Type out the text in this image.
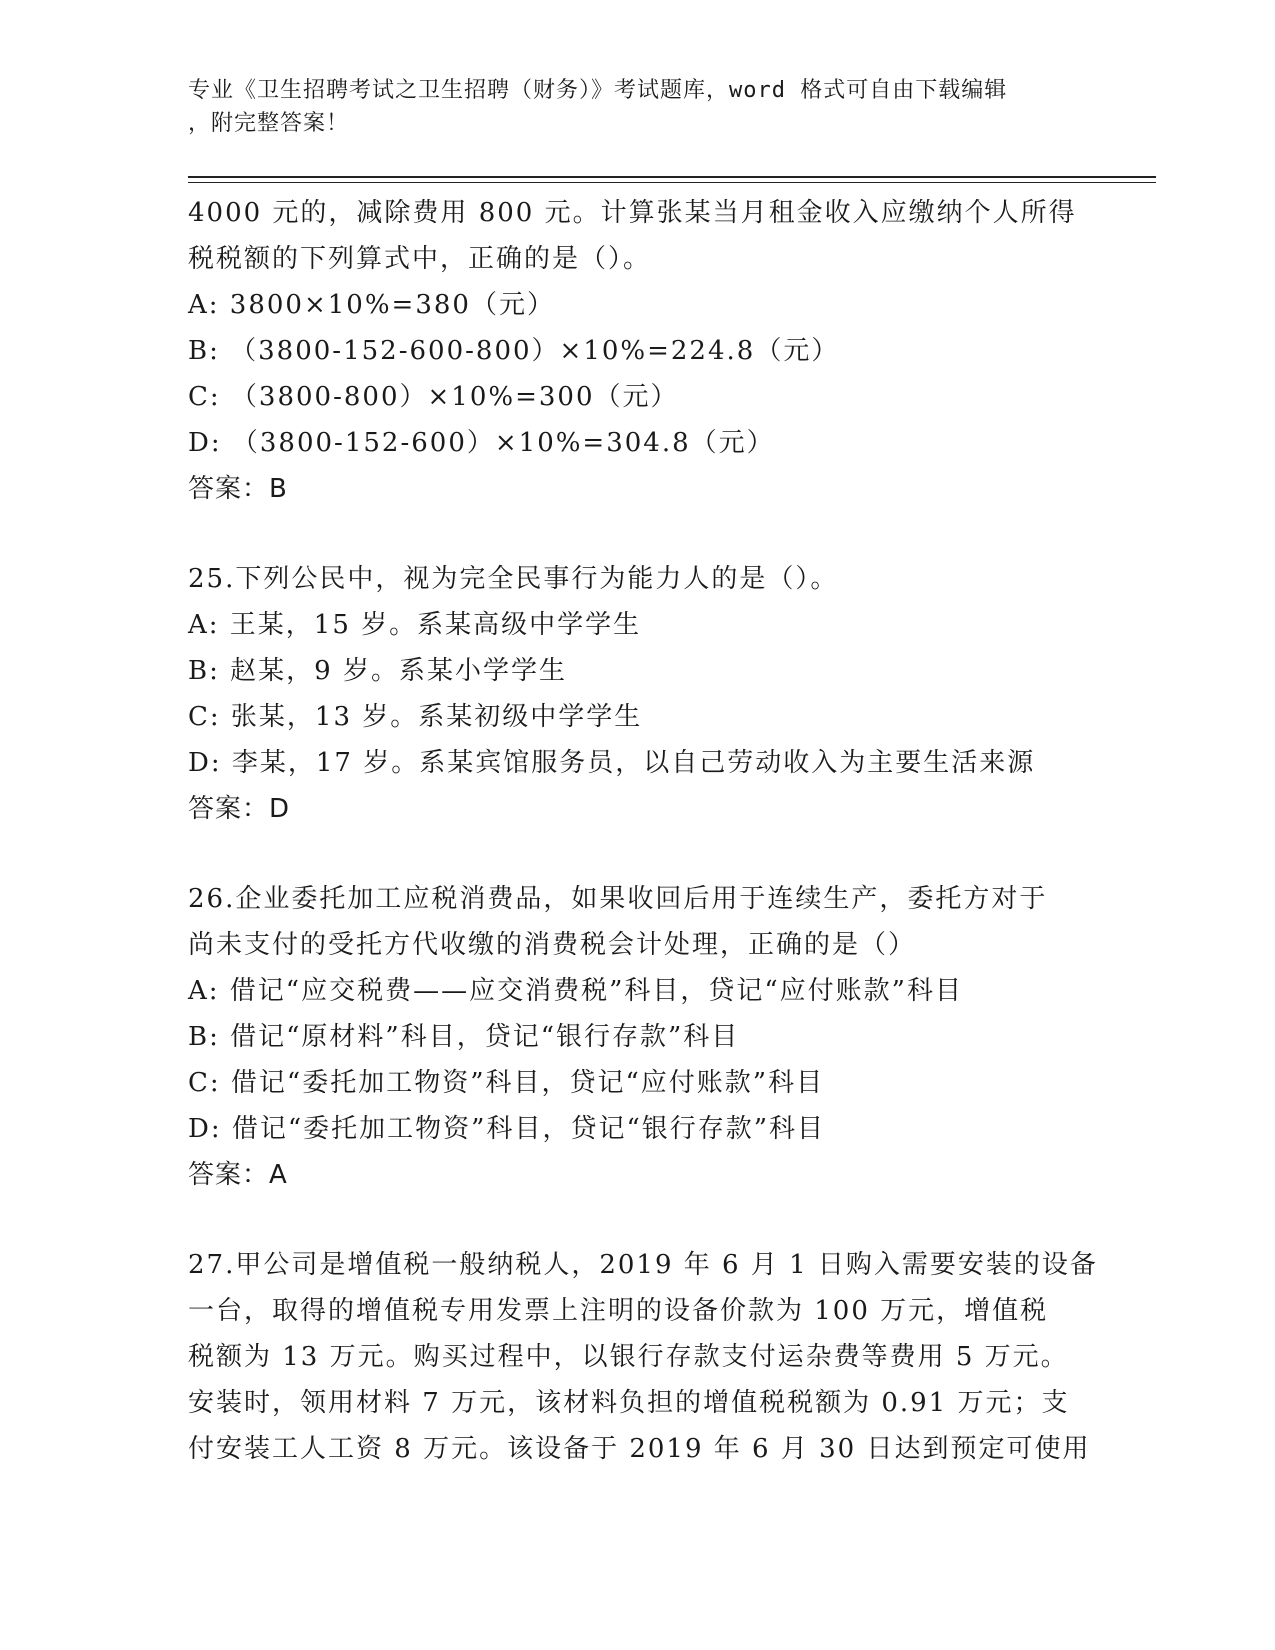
专业《卫生招聘考试之卫生招聘（财务）》考试题库，word 格式可自由下载编辑
，附完整答案！
4000 元的，减除费用 800 元。计算张某当月租金收入应缴纳个人所得
税税额的下列算式中，正确的是（）。
A: 3800×10%=380（元）
B: （3800-152-600-800）×10%=224.8（元）
C: （3800-800）×10%=300（元）
D: （3800-152-600）×10%=304.8（元）
答案：B
25.下列公民中，视为完全民事行为能力人的是（）。
A: 王某，15 岁。系某高级中学学生
B: 赵某，9 岁。系某小学学生
C: 张某，13 岁。系某初级中学学生
D: 李某，17 岁。系某宾馆服务员，以自己劳动收入为主要生活来源
答案：D
26.企业委托加工应税消费品，如果收回后用于连续生产，委托方对于
尚未支付的受托方代收缴的消费税会计处理，正确的是（）
A: 借记“应交税费——应交消费税”科目，贷记“应付账款”科目
B: 借记“原材料”科目，贷记“银行存款”科目
C: 借记“委托加工物资”科目，贷记“应付账款”科目
D: 借记“委托加工物资”科目，贷记“银行存款”科目
答案：A
27.甲公司是增值税一般纳税人，2019 年 6 月 1 日购入需要安装的设备
一台，取得的增值税专用发票上注明的设备价款为 100 万元，增值税
税额为 13 万元。购买过程中，以银行存款支付运杂费等费用 5 万元。
安装时，领用材料 7 万元，该材料负担的增值税税额为 0.91 万元；支
付安装工人工资 8 万元。该设备于 2019 年 6 月 30 日达到预定可使用
